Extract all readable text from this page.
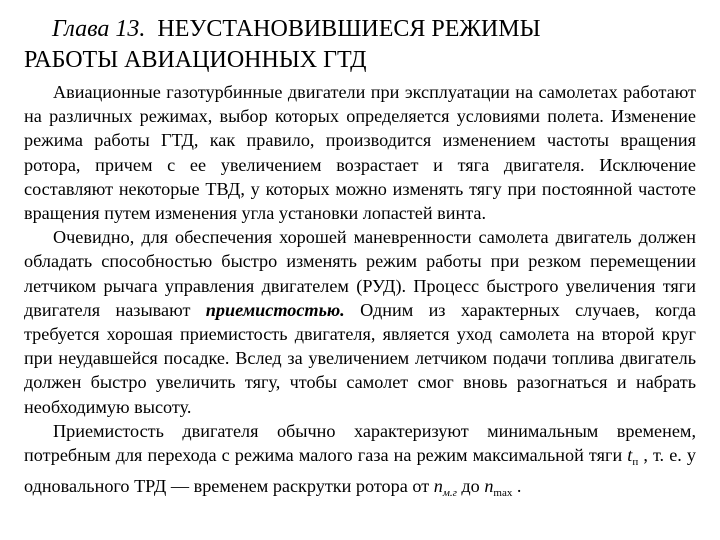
Глава 13. НЕУСТАНОВИВШИЕСЯ РЕЖИМЫ
РАБОТЫ АВИАЦИОННЫХ ГТД

Авиационные газотурбинные двигатели при эксплуатации на самолетах работают на различных режимах, выбор которых определяется условиями полета. Изменение режима работы ГТД, как правило, производится изменением частоты вращения ротора, причем с ее увеличением возрастает и тяга двигателя. Исключение составляют некоторые ТВД, у которых можно изменять тягу при постоянной частоте вращения путем изменения угла установки лопастей винта.

Очевидно, для обеспечения хорошей маневренности самолета двигатель должен обладать способностью быстро изменять режим работы при резком перемещении летчиком рычага управления двигателем (РУД). Процесс быстрого увеличения тяги двигателя называют приемистостью. Одним из характерных случаев, когда требуется хорошая приемистость двигателя, является уход самолета на второй круг при неудавшейся посадке. Вслед за увеличением летчиком подачи топлива двигатель должен быстро увеличить тягу, чтобы самолет смог вновь разогнаться и набрать необходимую высоту.

Приемистость двигателя обычно характеризуют минимальным временем, потребным для перехода с режима малого газа на режим максимальной тяги $t_п$ , т. е. у одновального ТРД — временем раскрутки ротора от $n_{м.г}$ до $n_{max}$ .
